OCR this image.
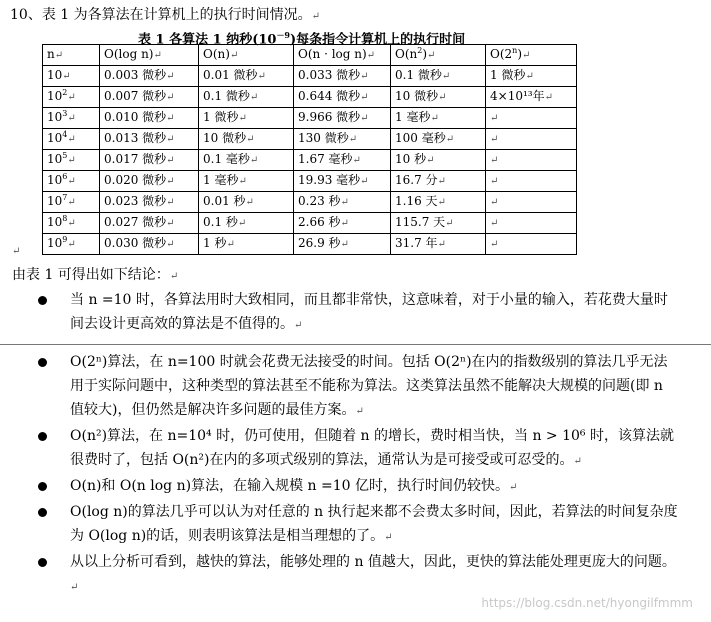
10、表 1 为各算法在计算机上的执行时间情况。↵
表 1 各算法 1 纳秒$(10^{-9})$每条指令计算机上的执行时间
n↵	O(log n)↵	O(n)↵	O(n · log n)↵	$O(n^2)↵$	O(2$^n$)↵
10↵	0.003 微秒↵	0.01 微秒↵	0.033 微秒↵	0.1 微秒↵	1 微秒↵
$10^2↵$	0.007 微秒↵	0.1 微秒↵	0.644 微秒↵	10 微秒↵	4×10¹³年↵
$10^3↵$	0.010 微秒↵	1 微秒↵	9.966 微秒↵	1 毫秒↵	↵
$10^4↵$	0.013 微秒↵	10 微秒↵	130 微秒↵	100 毫秒↵	↵
$10^5↵$	0.017 微秒↵	0.1 毫秒↵	1.67 毫秒↵	10 秒↵	↵
$10^6↵$	0.020 微秒↵	1 毫秒↵	19.93 毫秒↵	16.7 分↵	↵
$10^7↵$	0.023 微秒↵	0.01 秒↵	0.23 秒↵	1.16 天↵	↵
$10^8↵$	0.027 微秒↵	0.1 秒↵	2.66 秒↵	115.7 天↵	↵
$10^9↵$	0.030 微秒↵	1 秒↵	26.9 秒↵	31.7 年↵	↵
↵
由表 1 可得出如下结论：↵
当 n =10 时，各算法用时大致相同，而且都非常快，这意味着，对于小量的输入，若花费大量时间去设计更高效的算法是不值得的。↵
O(2ⁿ)算法，在 n=100 时就会花费无法接受的时间。包括 O(2ⁿ)在内的指数级别的算法几乎无法用于实际问题中，这种类型的算法甚至不能称为算法。这类算法虽然不能解决大规模的问题(即 n 值较大)，但仍然是解决许多问题的最佳方案。↵
O(n²)算法，在 n=10⁴ 时，仍可使用，但随着 n 的增长，费时相当快，当 n > 10⁶ 时，该算法就很费时了，包括 O(n²)在内的多项式级别的算法，通常认为是可接受或可忍受的。↵
O(n)和 O(n log n)算法，在输入规模 n =10 亿时，执行时间仍较快。↵
O(log n)的算法几乎可以认为对任意的 n 执行起来都不会费太多时间，因此，若算法的时间复杂度为 O(log n)的话，则表明该算法是相当理想的了。↵
从以上分析可看到，越快的算法，能够处理的 n 值越大，因此，更快的算法能处理更庞大的问题。↵
https://blog.csdn.net/hyongilfmmm
